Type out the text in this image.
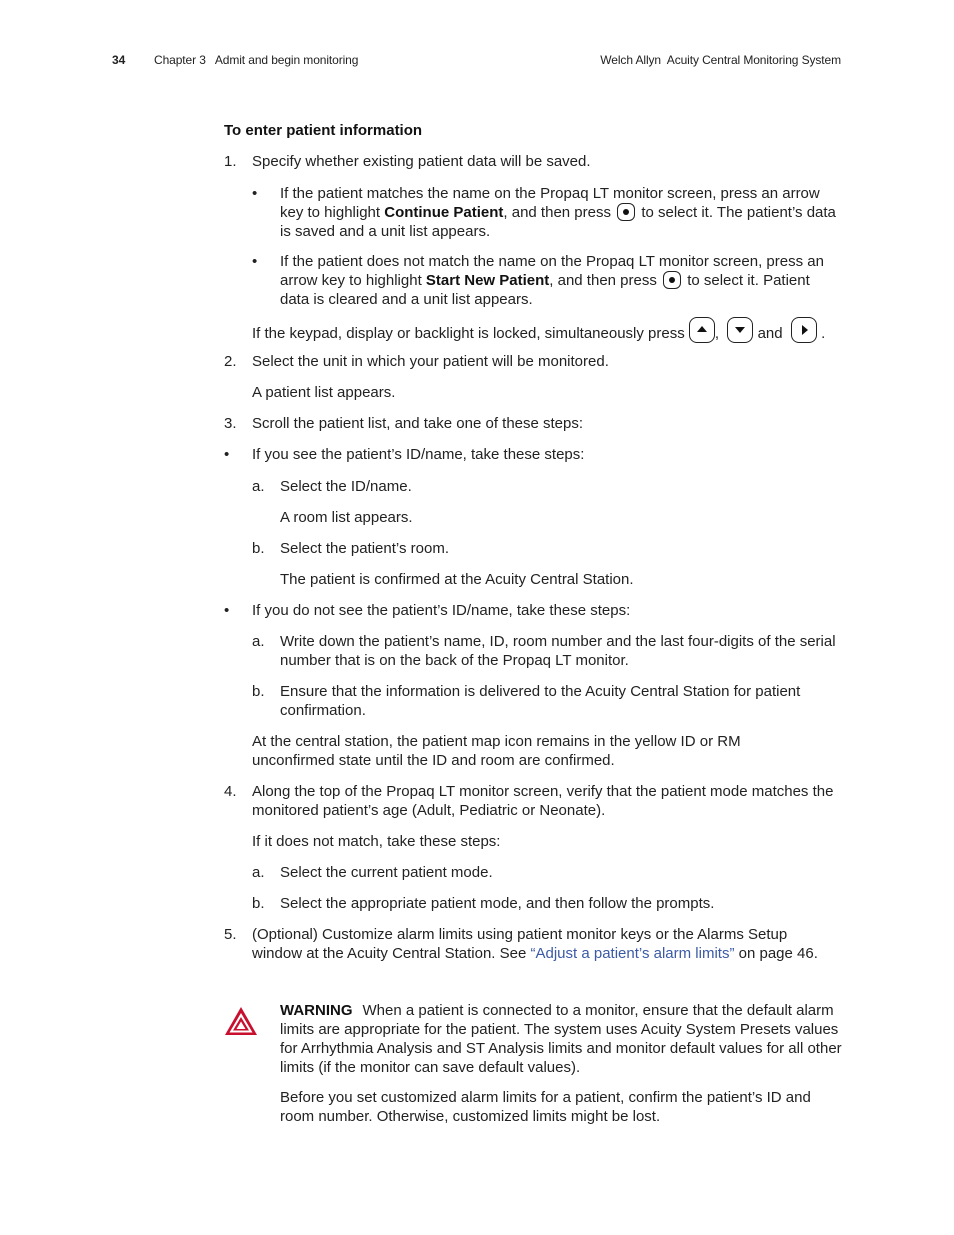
34 Chapter 3   Admit and begin monitoring	Welch Allyn  Acuity Central Monitoring System
To enter patient information
1. Specify whether existing patient data will be saved.
• If the patient matches the name on the Propaq LT monitor screen, press an arrow key to highlight Continue Patient, and then press  to select it. The patient’s data is saved and a unit list appears.
• If the patient does not match the name on the Propaq LT monitor screen, press an arrow key to highlight Start New Patient, and then press  to select it. Patient data is cleared and a unit list appears.
If the keypad, display or backlight is locked, simultaneously press
,
and
.
2. Select the unit in which your patient will be monitored.
A patient list appears.
3. Scroll the patient list, and take one of these steps:
• If you see the patient’s ID/name, take these steps:
a. Select the ID/name.
A room list appears.
b. Select the patient’s room.
The patient is confirmed at the Acuity Central Station.
• If you do not see the patient’s ID/name, take these steps:
a. Write down the patient’s name, ID, room number and the last four-digits of the serial number that is on the back of the Propaq LT monitor.
b. Ensure that the information is delivered to the Acuity Central Station for patient confirmation.
At the central station, the patient map icon remains in the yellow ID or RM unconfirmed state until the ID and room are confirmed.
4. Along the top of the Propaq LT monitor screen, verify that the patient mode matches the monitored patient’s age (Adult, Pediatric or Neonate).
If it does not match, take these steps:
a. Select the current patient mode.
b. Select the appropriate patient mode, and then follow the prompts.
5. (Optional) Customize alarm limits using patient monitor keys or the Alarms Setup window at the Acuity Central Station. See “Adjust a patient’s alarm limits” on page 46.
WARNING When a patient is connected to a monitor, ensure that the default alarm limits are appropriate for the patient. The system uses Acuity System Presets values for Arrhythmia Analysis and ST Analysis limits and monitor default values for all other limits (if the monitor can save default values).
Before you set customized alarm limits for a patient, confirm the patient’s ID and room number. Otherwise, customized limits might be lost.
